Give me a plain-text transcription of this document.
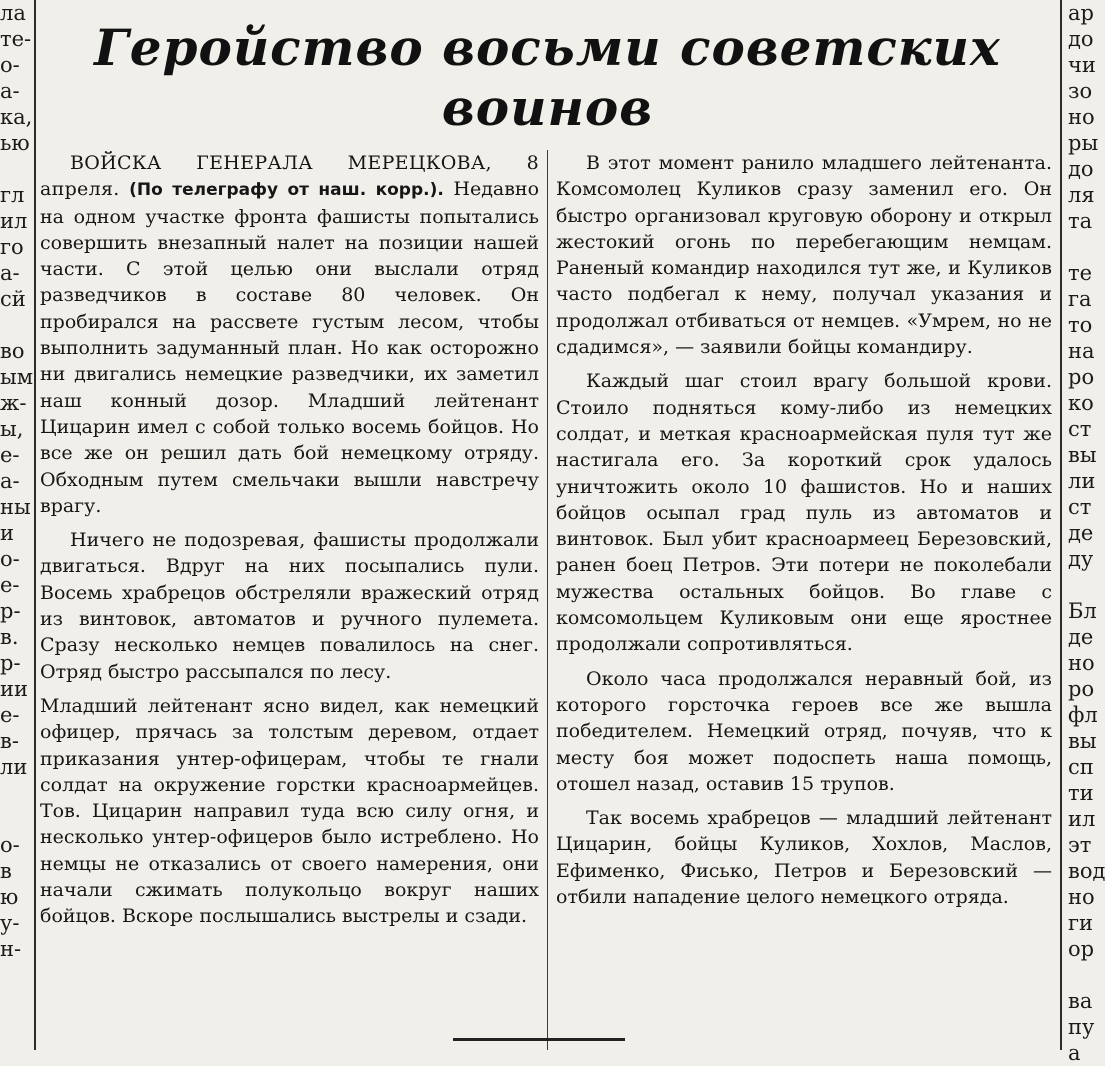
ла
те-
о-
а-
ка,
ью

гл
ил
го
а-
сй

во
ым
ж-
ы,
е-
а-
ны
и
о-
е-
р-
в.
р-
ии
е-
в-
ли

о-
в
ю
у-
н-
Геройство восьми советских
воинов

ВОЙСКА ГЕНЕРАЛА МЕРЕЦКОВА, 8 апреля. (По телеграфу от наш. корр.). Недавно на одном участке фронта фашисты попытались совершить внезапный налет на позиции нашей части. С этой целью они выслали отряд разведчиков в составе 80 человек. Он пробирался на рассвете густым лесом, чтобы выполнить задуманный план. Но как осторожно ни двигались немецкие разведчики, их заметил наш конный дозор. Младший лейтенант Цицарин имел с собой только восемь бойцов. Но все же он решил дать бой немецкому отряду. Обходным путем смельчаки вышли навстречу врагу.

Ничего не подозревая, фашисты продолжали двигаться. Вдруг на них посыпались пули. Восемь храбрецов обстреляли вражеский отряд из винтовок, автоматов и ручного пулемета. Сразу несколько немцев повалилось на снег. Отряд быстро рассыпался по лесу.

Младший лейтенант ясно видел, как немецкий офицер, прячась за толстым деревом, отдает приказания унтер-офицерам, чтобы те гнали солдат на окружение горстки красноармейцев. Тов. Цицарин направил туда всю силу огня, и несколько унтер-офицеров было истреблено. Но немцы не отказались от своего намерения, они начали сжимать полукольцо вокруг наших бойцов. Вскоре послышались выстрелы и сзади.

В этот момент ранило младшего лейтенанта. Комсомолец Куликов сразу заменил его. Он быстро организовал круговую оборону и открыл жестокий огонь по перебегающим немцам. Раненый командир находился тут же, и Куликов часто подбегал к нему, получал указания и продолжал отбиваться от немцев. «Умрем, но не сдадимся», — заявили бойцы командиру.

Каждый шаг стоил врагу большой крови. Стоило подняться кому-либо из немецких солдат, и меткая красноармейская пуля тут же настигала его. За короткий срок удалось уничтожить около 10 фашистов. Но и наших бойцов осыпал град пуль из автоматов и винтовок. Был убит красноармеец Березовский, ранен боец Петров. Эти потери не поколебали мужества остальных бойцов. Во главе с комсомольцем Куликовым они еще яростнее продолжали сопротивляться.

Около часа продолжался неравный бой, из которого горсточка героев все же вышла победителем. Немецкий отряд, почуяв, что к месту боя может подоспеть наша помощь, отошел назад, оставив 15 трупов.

Так восемь храбрецов — младший лейтенант Цицарин, бойцы Куликов, Хохлов, Маслов, Ефименко, Фисько, Петров и Березовский — отбили нападение целого немецкого отряда.

ар
до
чи
зо
но
ры
до
ля
та

те
га
то
на
ро
ко
ст
вы
ли
ст
де
ду

Бл
де
но
ро
фл
вы
сп
ти
ил
эт
вод
но
ги
ор

ва
пу
а
